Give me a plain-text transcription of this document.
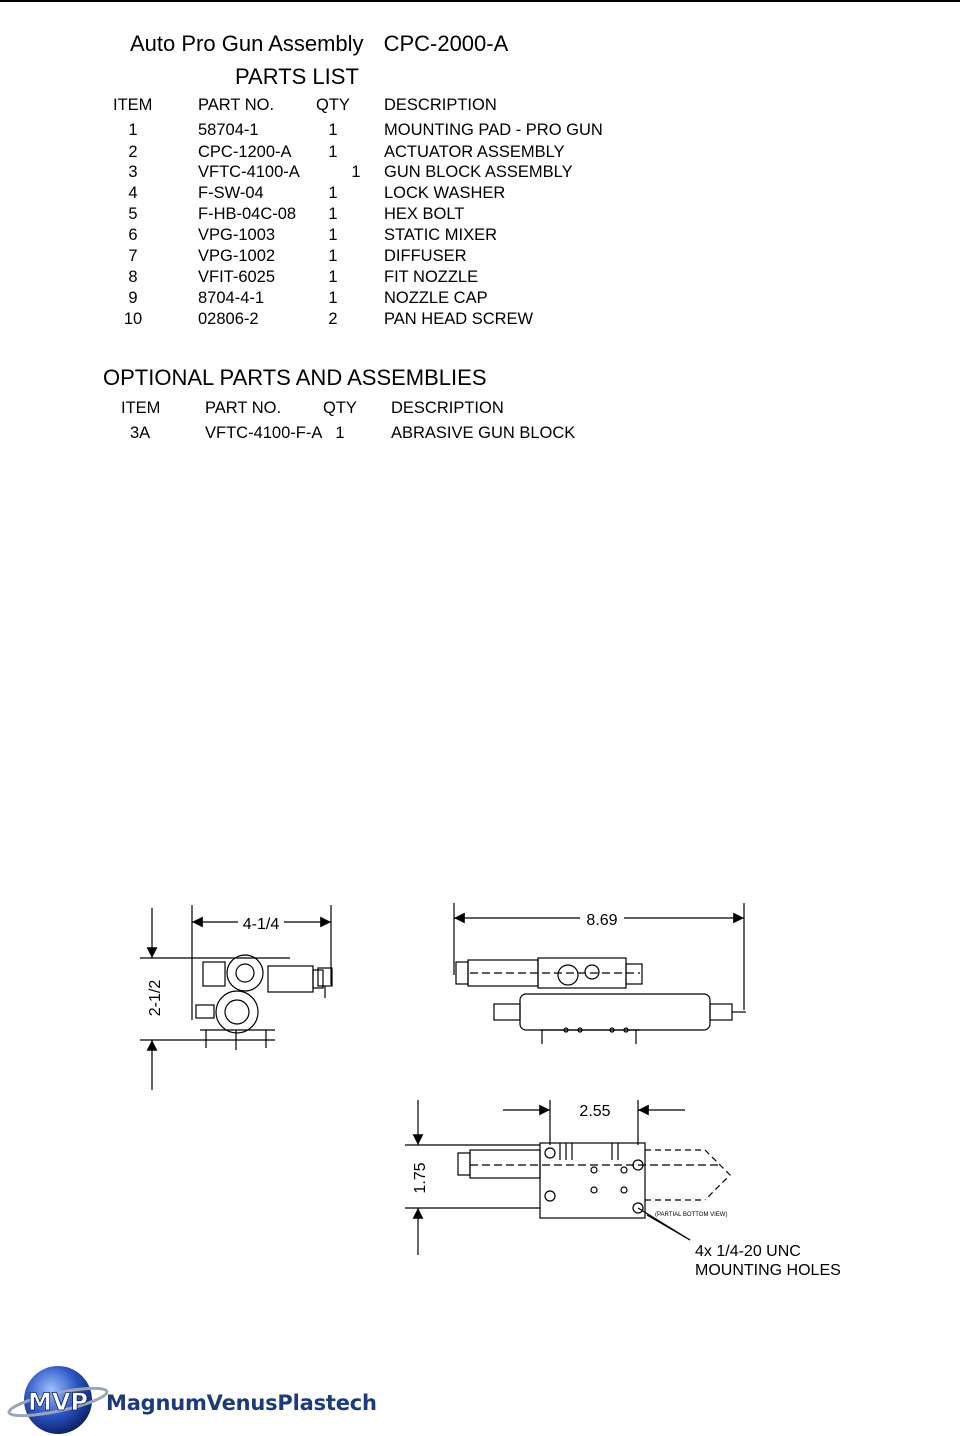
Auto Pro Gun Assembly CPC-2000-A
PARTS LIST
ITEM	PART NO.	QTY DESCRIPTION
1	58704-1	1	MOUNTING PAD - PRO GUN
2	CPC-1200-A	1	ACTUATOR ASSEMBLY
3	VFTC-4100-A	1	GUN BLOCK ASSEMBLY
4	F-SW-04	1	LOCK WASHER
5	F-HB-04C-08	1	HEX BOLT
6	VPG-1003	1	STATIC MIXER
7	VPG-1002	1	DIFFUSER
8	VFIT-6025	1	FIT NOZZLE
9	8704-4-1	1	NOZZLE CAP
10	02806-2	2	PAN HEAD SCREW
OPTIONAL PARTS AND ASSEMBLIES
ITEM	PART NO.	QTY DESCRIPTION
3A	VFTC-4100-F-A 1	ABRASIVE GUN BLOCK
4-1/4	8.69
2.55
2-1/2
1.75
(PARTIAL BOTTOM VIEW)
4x 1/4-20 UNC
MOUNTING HOLES
MVP MagnumVenusPlastech
